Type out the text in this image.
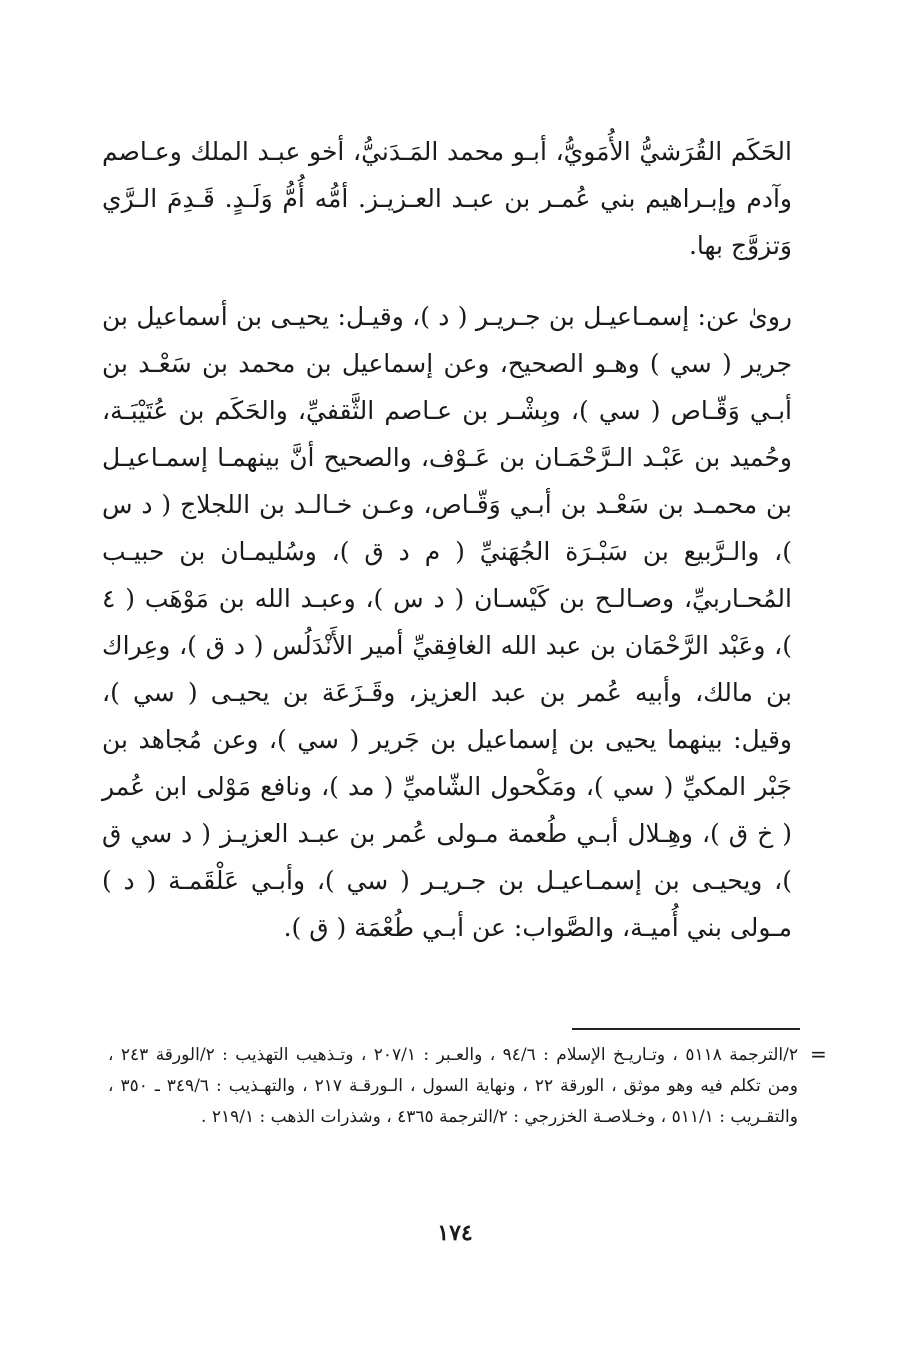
الحَكَم القُرَشيُّ الأُمَويُّ، أبـو محمد المَـدَنيُّ، أخو عبـد الملك وعـاصم وآدم وإبـراهيم بني عُمـر بن عبـد العـزيـز. أمُّه أُمُّ وَلَـدٍ. قَـدِمَ الـرَّي وَتزوَّج بها.

روىٰ عن: إسمـاعيـل بن جـريـر ( د )، وقيـل: يحيـى بن أسماعيل بن جرير ( سي ) وهـو الصحيح، وعن إسماعيل بن محمد بن سَعْـد بن أبـي وَقّـاص ( سي )، وبِشْـر بن عـاصم الثَّقفيِّ، والحَكَم بن عُتَيْبَـة، وحُميد بن عَبْـد الـرَّحْمَـان بن عَـوْف، والصحيح أنَّ بينهمـا إسمـاعيـل بن محمـد بن سَعْـد بن أبـي وَقّـاص، وعـن خـالـد بن اللجلاج ( د س )، والـرَّبيع بن سَبْـرَة الجُهَنيِّ ( م د ق )، وسُليمـان بن حبيـب المُحـاربيِّ، وصـالـح بن كَيْسـان ( د س )، وعبـد الله بن مَوْهَب ( ٤ )، وعَبْد الرَّحْمَان بن عبد الله الغافِقيِّ أمير الأَنْدَلُس ( د ق )، وعِراك بن مالك، وأبيه عُمر بن عبد العزيز، وقَـزَعَة بن يحيـى ( سي )، وقيل: بينهما يحيى بن إسماعيل بن جَرير ( سي )، وعن مُجاهد بن جَبْر المكيِّ ( سي )، ومَكْحول الشّاميِّ ( مد )، ونافع مَوْلى ابن عُمر ( خ ق )، وهِـلال أبـي طُعمة مـولى عُمر بن عبـد العزيـز ( د سي ق )، ويحيـى بن إسمـاعيـل بن جـريـر ( سي )، وأبـي عَلْقَمـة ( د ) مـولى بني أُميـة، والصَّواب: عن أبـي طُعْمَة ( ق ).

=

٢/الترجمة ٥١١٨ ، وتـاريـخ الإسلام : ٩٤/٦ ، والعـبر : ٢٠٧/١ ، وتـذهيب التهذيب : ٢/الورقة ٢٤٣ ، ومن تكلم فيه وهو موثق ، الورقة ٢٢ ، ونهاية السول ، الـورقـة ٢١٧ ، والتهـذيب : ٣٤٩/٦ ـ ٣٥٠ ، والتقـريب : ٥١١/١ ، وخـلاصـة الخزرجي : ٢/الترجمة ٤٣٦٥ ، وشذرات الذهب : ٢١٩/١ .

١٧٤
